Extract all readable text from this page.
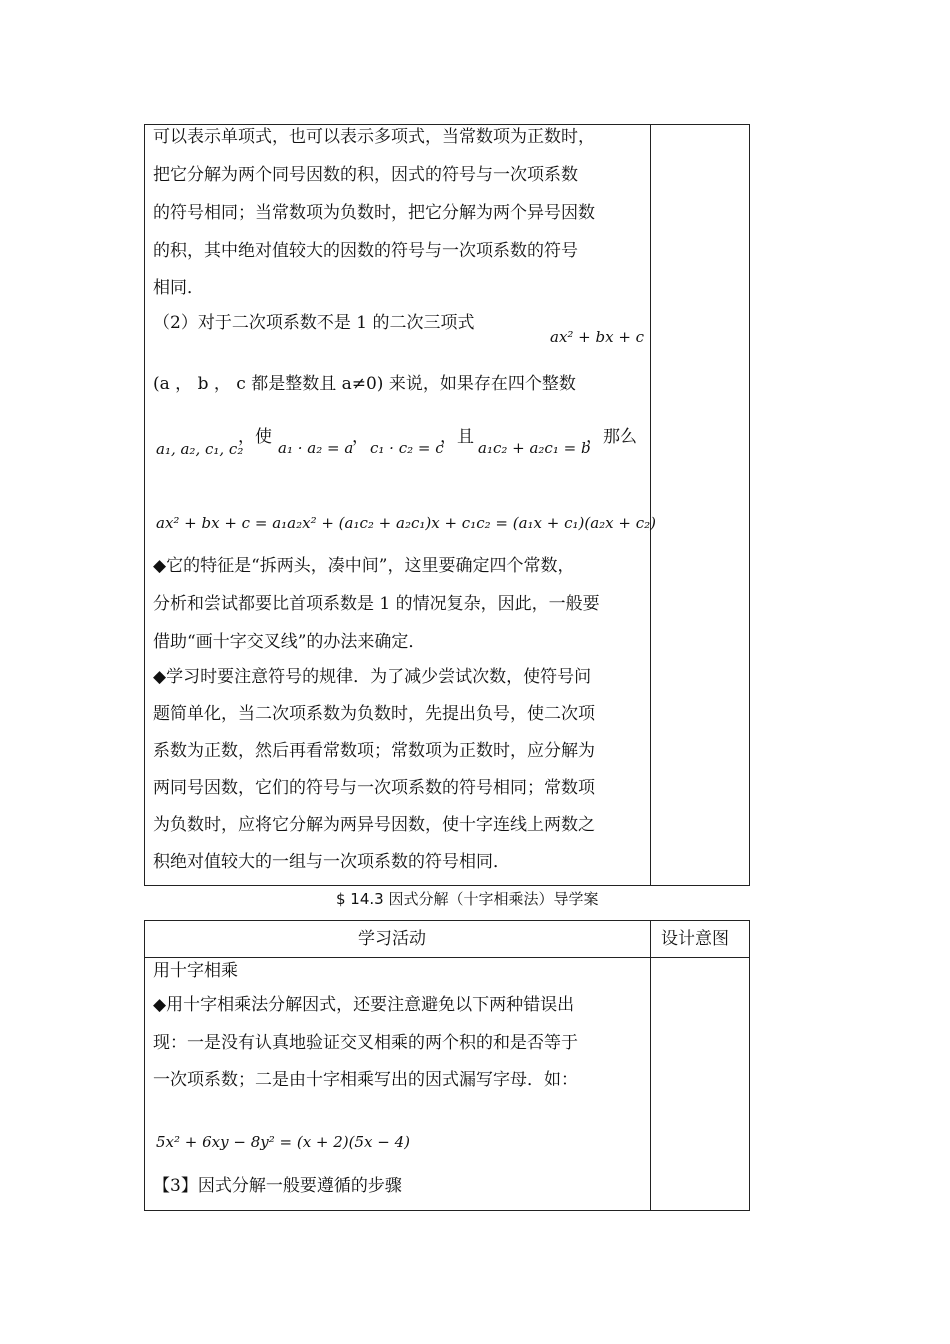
可以表示单项式，也可以表示多项式，当常数项为正数时，
把它分解为两个同号因数的积，因式的符号与一次项系数
的符号相同；当常数项为负数时，把它分解为两个异号因数
的积，其中绝对值较大的因数的符号与一次项系数的符号
相同．
（2）对于二次项系数不是 1 的二次三项式
ax² + bx + c
(a ， b ， c 都是整数且 a≠0) 来说，如果存在四个整数
a₁, a₂, c₁, c₂
，使
a₁ · a₂ = a
，
c₁ · c₂ = c
，且
a₁c₂ + a₂c₁ = b
，那么
ax² + bx + c = a₁a₂x² + (a₁c₂ + a₂c₁)x + c₁c₂ = (a₁x + c₁)(a₂x + c₂)
◆它的特征是“拆两头，凑中间”，这里要确定四个常数，
分析和尝试都要比首项系数是 1 的情况复杂，因此，一般要
借助“画十字交叉线”的办法来确定．
◆学习时要注意符号的规律．为了减少尝试次数，使符号问
题简单化，当二次项系数为负数时，先提出负号，使二次项
系数为正数，然后再看常数项；常数项为正数时，应分解为
两同号因数，它们的符号与一次项系数的符号相同；常数项
为负数时，应将它分解为两异号因数，使十字连线上两数之
积绝对值较大的一组与一次项系数的符号相同．
$ 14.3 因式分解（十字相乘法）导学案
学习活动	设计意图
用十字相乘
◆用十字相乘法分解因式，还要注意避免以下两种错误出
现：一是没有认真地验证交叉相乘的两个积的和是否等于
一次项系数；二是由十字相乘写出的因式漏写字母．如：
5x² + 6xy − 8y² = (x + 2)(5x − 4)
【3】因式分解一般要遵循的步骤
